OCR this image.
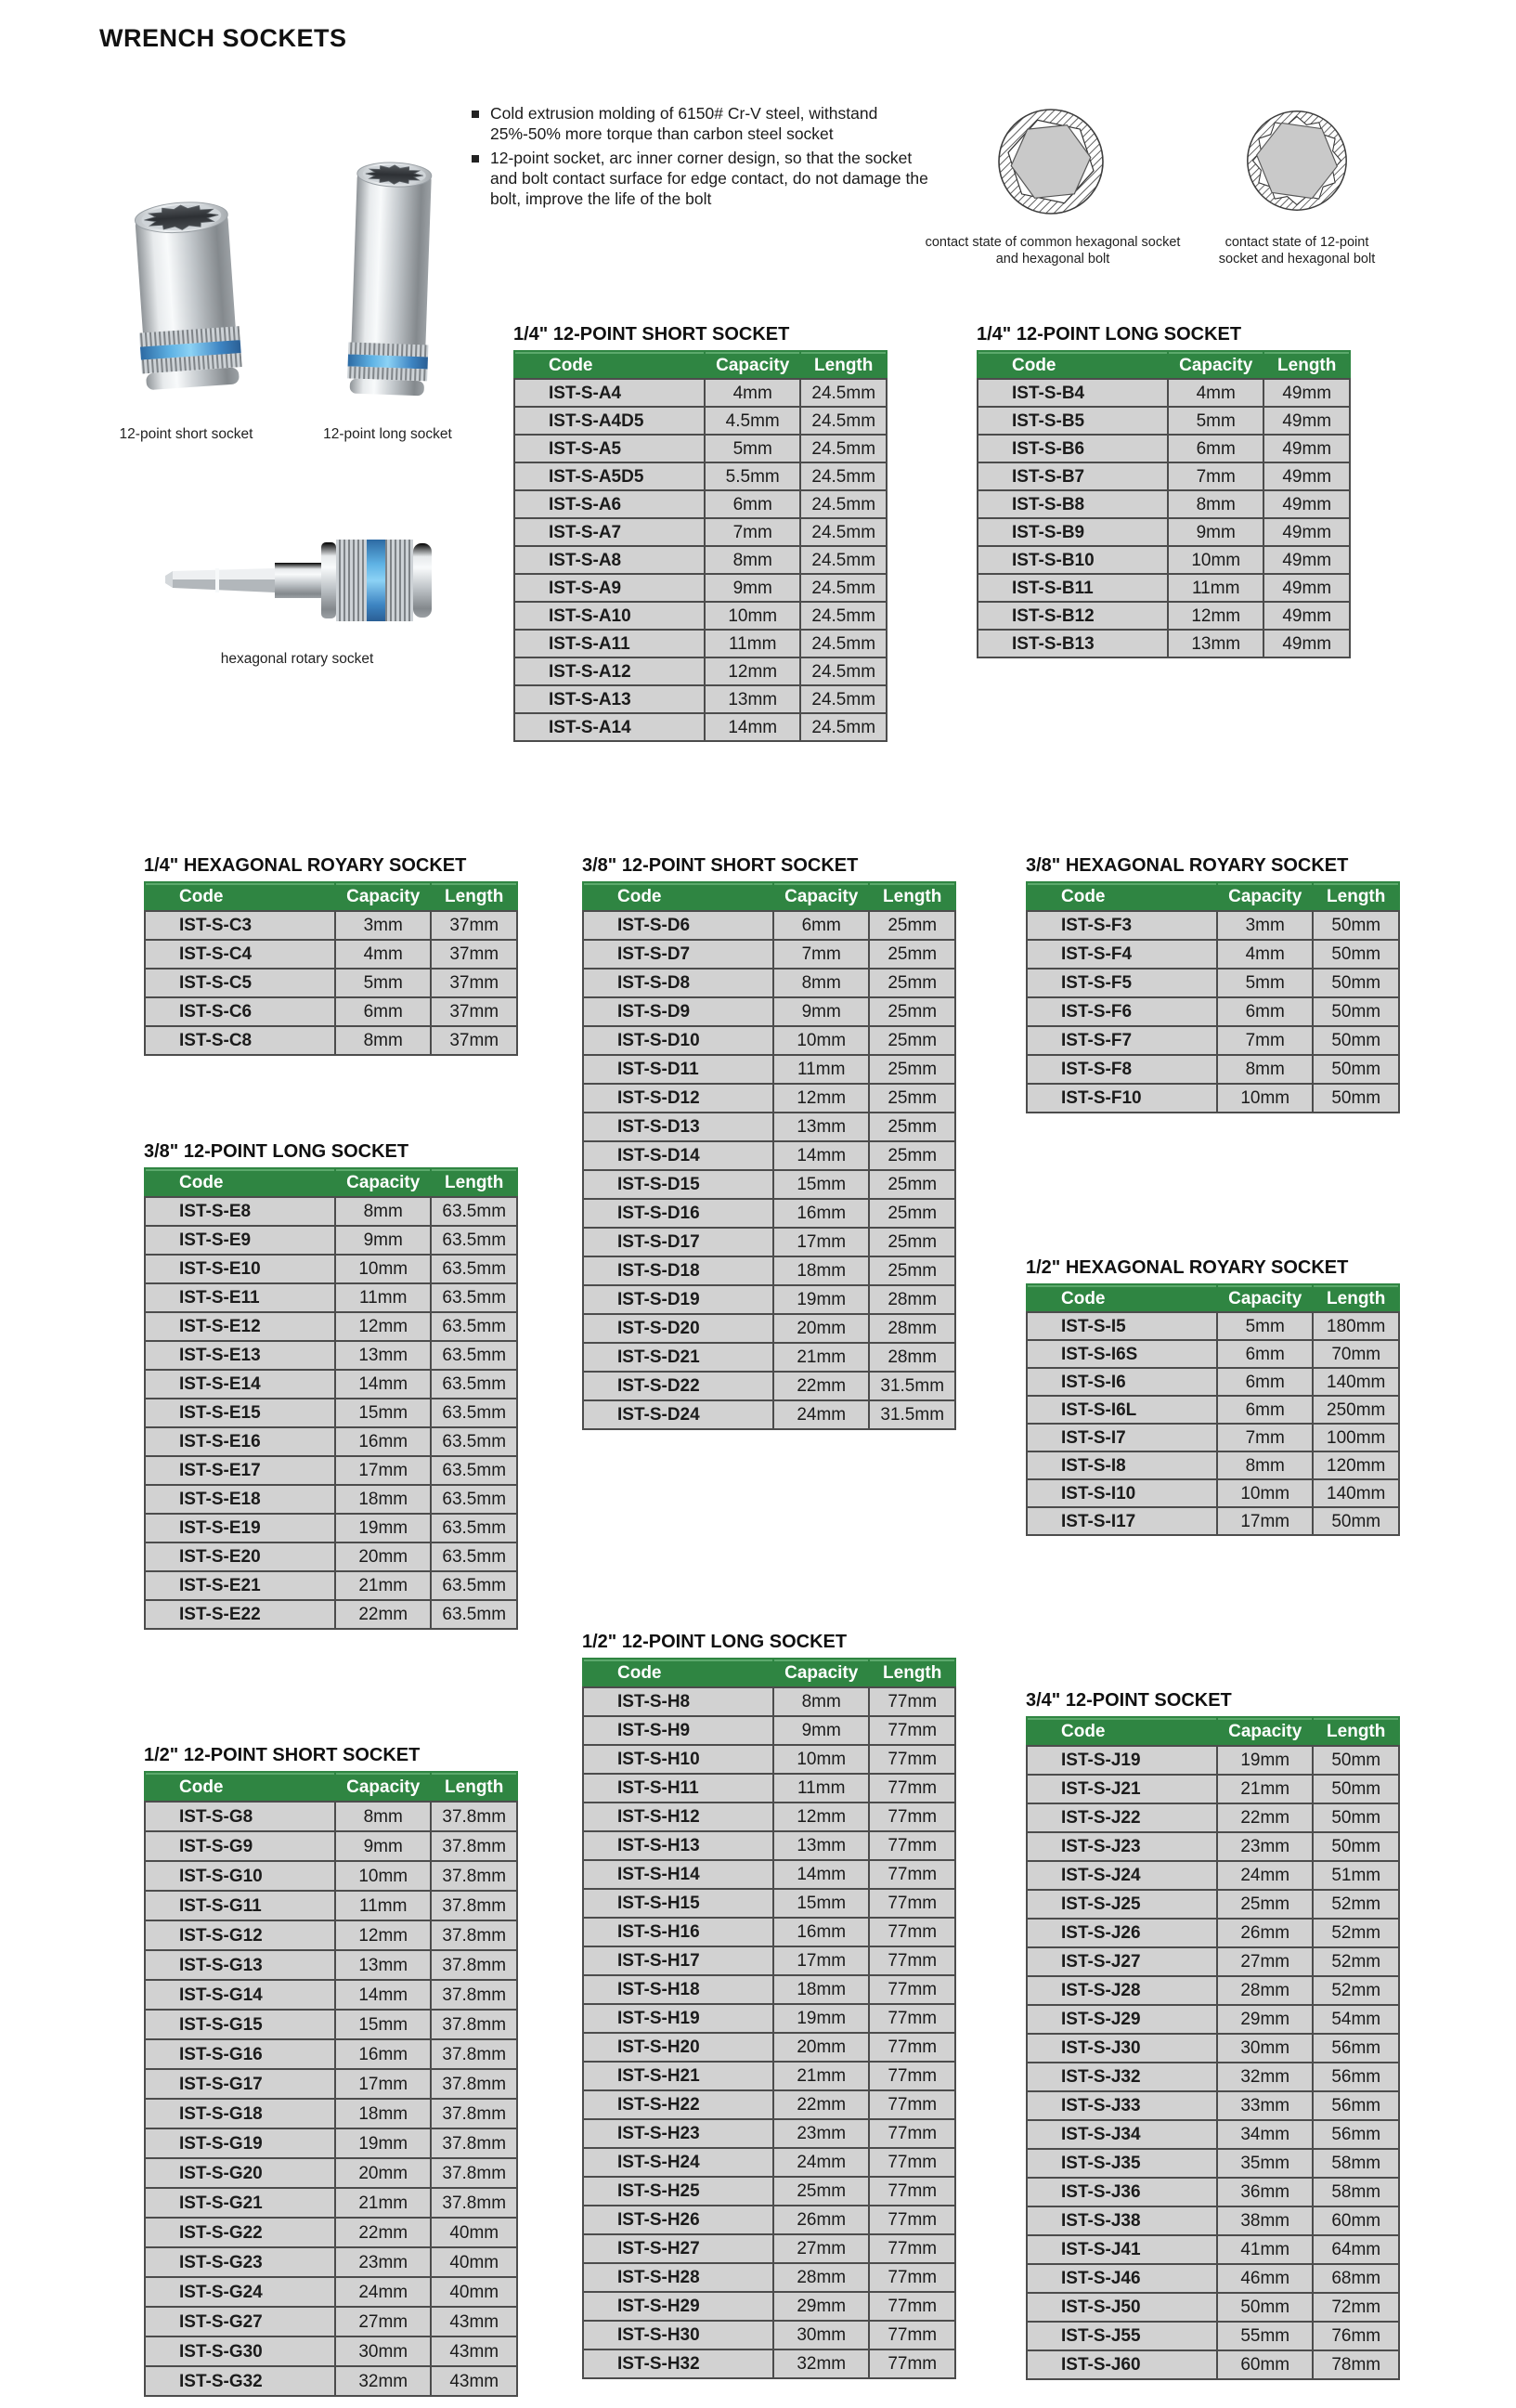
WRENCH SOCKETS
12-point short socket	12-point long socket
Cold extrusion molding of 6150# Cr-V steel, withstand 25%-50% more torque than carbon steel socket
12-point socket, arc inner corner design, so that the socket and bolt contact surface for edge contact, do not damage the bolt, improve the life of the bolt
contact state of common hexagonal socket and hexagonal bolt
contact state of 12-point socket and hexagonal bolt
hexagonal rotary socket
1/4" 12-POINT SHORT SOCKET
Code	Capacity	Length
IST-S-A4	4mm	24.5mm
IST-S-A4D5	4.5mm	24.5mm
IST-S-A5	5mm	24.5mm
IST-S-A5D5	5.5mm	24.5mm
IST-S-A6	6mm	24.5mm
IST-S-A7	7mm	24.5mm
IST-S-A8	8mm	24.5mm
IST-S-A9	9mm	24.5mm
IST-S-A10	10mm	24.5mm
IST-S-A11	11mm	24.5mm
IST-S-A12	12mm	24.5mm
IST-S-A13	13mm	24.5mm
IST-S-A14	14mm	24.5mm
1/4" 12-POINT LONG SOCKET
Code	Capacity	Length
IST-S-B4	4mm	49mm
IST-S-B5	5mm	49mm
IST-S-B6	6mm	49mm
IST-S-B7	7mm	49mm
IST-S-B8	8mm	49mm
IST-S-B9	9mm	49mm
IST-S-B10	10mm	49mm
IST-S-B11	11mm	49mm
IST-S-B12	12mm	49mm
IST-S-B13	13mm	49mm
1/4" HEXAGONAL ROYARY SOCKET
Code	Capacity	Length
IST-S-C3	3mm	37mm
IST-S-C4	4mm	37mm
IST-S-C5	5mm	37mm
IST-S-C6	6mm	37mm
IST-S-C8	8mm	37mm
3/8" 12-POINT SHORT SOCKET
Code	Capacity	Length
IST-S-D6	6mm	25mm
IST-S-D7	7mm	25mm
IST-S-D8	8mm	25mm
IST-S-D9	9mm	25mm
IST-S-D10	10mm	25mm
IST-S-D11	11mm	25mm
IST-S-D12	12mm	25mm
IST-S-D13	13mm	25mm
IST-S-D14	14mm	25mm
IST-S-D15	15mm	25mm
IST-S-D16	16mm	25mm
IST-S-D17	17mm	25mm
IST-S-D18	18mm	25mm
IST-S-D19	19mm	28mm
IST-S-D20	20mm	28mm
IST-S-D21	21mm	28mm
IST-S-D22	22mm	31.5mm
IST-S-D24	24mm	31.5mm
3/8" HEXAGONAL ROYARY SOCKET
Code	Capacity	Length
IST-S-F3	3mm	50mm
IST-S-F4	4mm	50mm
IST-S-F5	5mm	50mm
IST-S-F6	6mm	50mm
IST-S-F7	7mm	50mm
IST-S-F8	8mm	50mm
IST-S-F10	10mm	50mm
3/8" 12-POINT LONG SOCKET
Code	Capacity	Length
IST-S-E8	8mm	63.5mm
IST-S-E9	9mm	63.5mm
IST-S-E10	10mm	63.5mm
IST-S-E11	11mm	63.5mm
IST-S-E12	12mm	63.5mm
IST-S-E13	13mm	63.5mm
IST-S-E14	14mm	63.5mm
IST-S-E15	15mm	63.5mm
IST-S-E16	16mm	63.5mm
IST-S-E17	17mm	63.5mm
IST-S-E18	18mm	63.5mm
IST-S-E19	19mm	63.5mm
IST-S-E20	20mm	63.5mm
IST-S-E21	21mm	63.5mm
IST-S-E22	22mm	63.5mm
1/2" HEXAGONAL ROYARY SOCKET
Code	Capacity	Length
IST-S-I5	5mm	180mm
IST-S-I6S	6mm	70mm
IST-S-I6	6mm	140mm
IST-S-I6L	6mm	250mm
IST-S-I7	7mm	100mm
IST-S-I8	8mm	120mm
IST-S-I10	10mm	140mm
IST-S-I17	17mm	50mm
1/2" 12-POINT LONG SOCKET
Code	Capacity	Length
IST-S-H8	8mm	77mm
IST-S-H9	9mm	77mm
IST-S-H10	10mm	77mm
IST-S-H11	11mm	77mm
IST-S-H12	12mm	77mm
IST-S-H13	13mm	77mm
IST-S-H14	14mm	77mm
IST-S-H15	15mm	77mm
IST-S-H16	16mm	77mm
IST-S-H17	17mm	77mm
IST-S-H18	18mm	77mm
IST-S-H19	19mm	77mm
IST-S-H20	20mm	77mm
IST-S-H21	21mm	77mm
IST-S-H22	22mm	77mm
IST-S-H23	23mm	77mm
IST-S-H24	24mm	77mm
IST-S-H25	25mm	77mm
IST-S-H26	26mm	77mm
IST-S-H27	27mm	77mm
IST-S-H28	28mm	77mm
IST-S-H29	29mm	77mm
IST-S-H30	30mm	77mm
IST-S-H32	32mm	77mm
1/2" 12-POINT SHORT SOCKET
Code	Capacity	Length
IST-S-G8	8mm	37.8mm
IST-S-G9	9mm	37.8mm
IST-S-G10	10mm	37.8mm
IST-S-G11	11mm	37.8mm
IST-S-G12	12mm	37.8mm
IST-S-G13	13mm	37.8mm
IST-S-G14	14mm	37.8mm
IST-S-G15	15mm	37.8mm
IST-S-G16	16mm	37.8mm
IST-S-G17	17mm	37.8mm
IST-S-G18	18mm	37.8mm
IST-S-G19	19mm	37.8mm
IST-S-G20	20mm	37.8mm
IST-S-G21	21mm	37.8mm
IST-S-G22	22mm	40mm
IST-S-G23	23mm	40mm
IST-S-G24	24mm	40mm
IST-S-G27	27mm	43mm
IST-S-G30	30mm	43mm
IST-S-G32	32mm	43mm
3/4" 12-POINT SOCKET
Code	Capacity	Length
IST-S-J19	19mm	50mm
IST-S-J21	21mm	50mm
IST-S-J22	22mm	50mm
IST-S-J23	23mm	50mm
IST-S-J24	24mm	51mm
IST-S-J25	25mm	52mm
IST-S-J26	26mm	52mm
IST-S-J27	27mm	52mm
IST-S-J28	28mm	52mm
IST-S-J29	29mm	54mm
IST-S-J30	30mm	56mm
IST-S-J32	32mm	56mm
IST-S-J33	33mm	56mm
IST-S-J34	34mm	56mm
IST-S-J35	35mm	58mm
IST-S-J36	36mm	58mm
IST-S-J38	38mm	60mm
IST-S-J41	41mm	64mm
IST-S-J46	46mm	68mm
IST-S-J50	50mm	72mm
IST-S-J55	55mm	76mm
IST-S-J60	60mm	78mm
